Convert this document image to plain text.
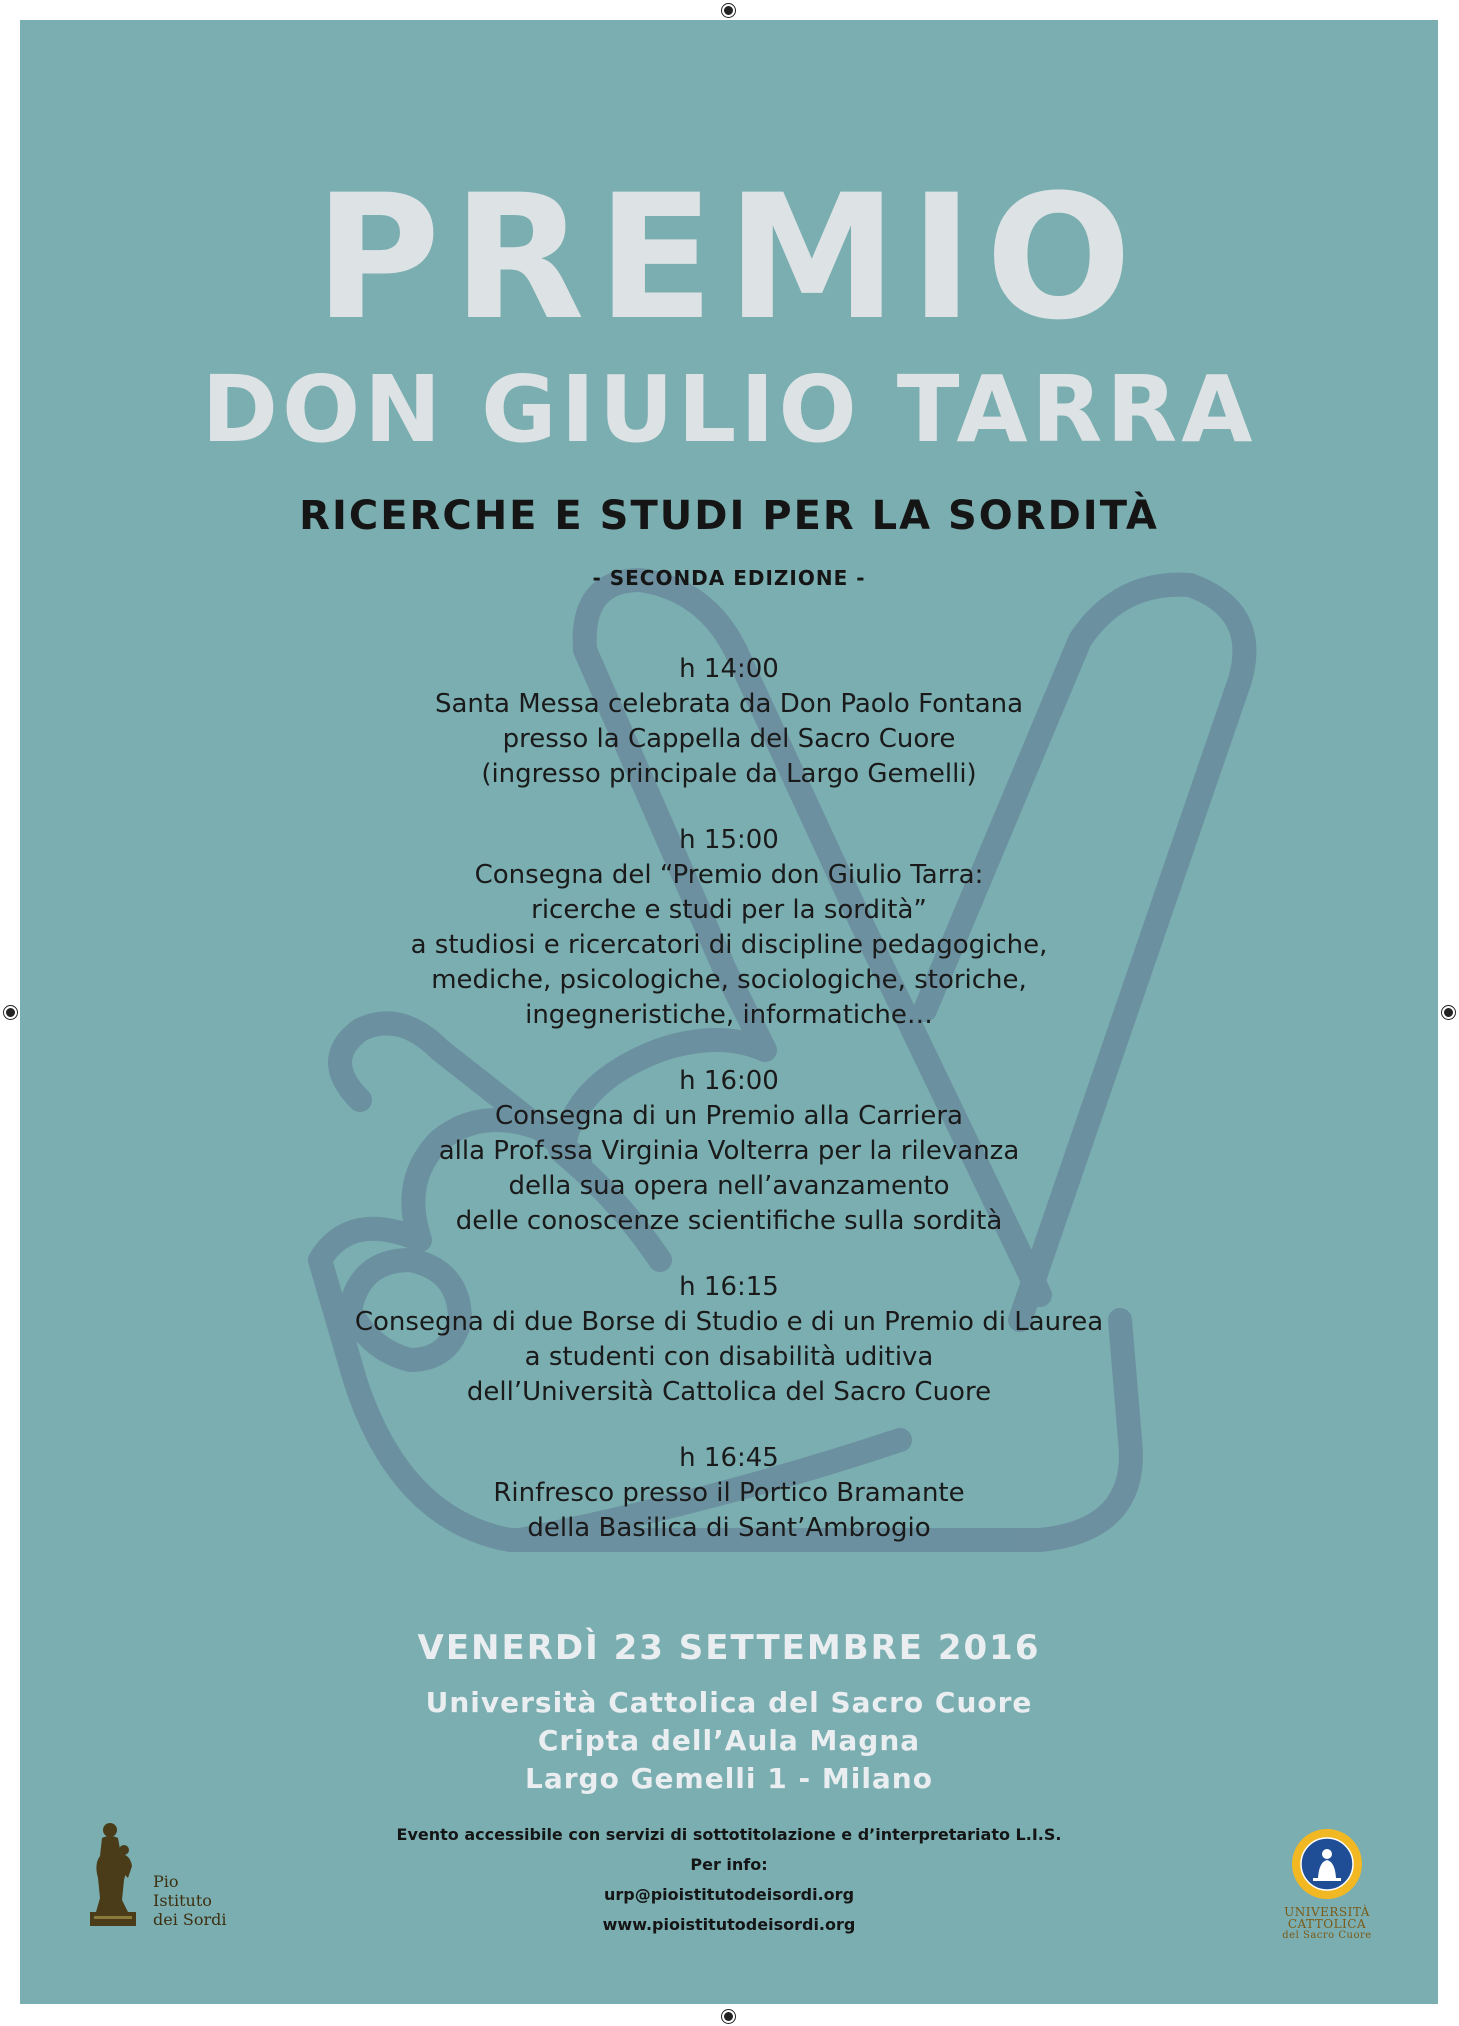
PREMIO
DON GIULIO TARRA
RICERCHE E STUDI PER LA SORDITÀ
- SECONDA EDIZIONE -
h 14:00
Santa Messa celebrata da Don Paolo Fontana
presso la Cappella del Sacro Cuore
(ingresso principale da Largo Gemelli)
h 15:00
Consegna del “Premio don Giulio Tarra:
ricerche e studi per la sordità”
a studiosi e ricercatori di discipline pedagogiche,
mediche, psicologiche, sociologiche, storiche,
ingegneristiche, informatiche…
h 16:00
Consegna di un Premio alla Carriera
alla Prof.ssa Virginia Volterra per la rilevanza
della sua opera nell’avanzamento
delle conoscenze scientifiche sulla sordità
h 16:15
Consegna di due Borse di Studio e di un Premio di Laurea
a studenti con disabilità uditiva
dell’Università Cattolica del Sacro Cuore
h 16:45
Rinfresco presso il Portico Bramante
della Basilica di Sant’Ambrogio
VENERDÌ 23 SETTEMBRE 2016
Università Cattolica del Sacro Cuore
Cripta dell’Aula Magna
Largo Gemelli 1 - Milano
Evento accessibile con servizi di sottotitolazione e d’interpretariato L.I.S.
Per info:
urp@pioistitutodeisordi.org
www.pioistitutodeisordi.org
Pio
Istituto
dei Sordi	UNIVERSITÀ
CATTOLICA
del Sacro Cuore
